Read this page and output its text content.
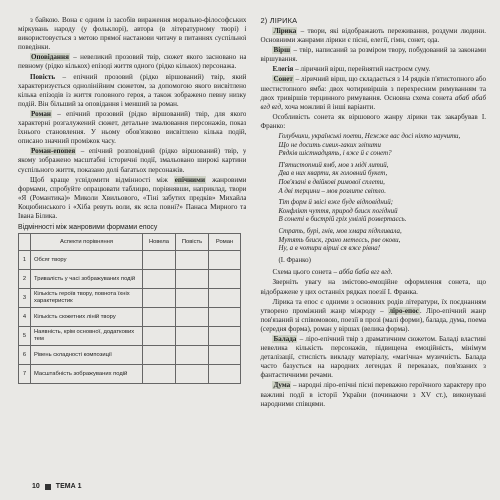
з байкою. Вона є одним із засобів вираження морально-філософських міркувань народу (у фольклорі), автора (в літературному творі) і використовується з метою прямої настанови читачу в питаннях суспільної поведінки.

Оповідання – невеликий прозовий твір, сюжет якого засновано на певному (рідко кількох) епізоді життя одного (рідко кількох) персонажа.

Повість – епічний прозовий (рідко віршований) твір, який характеризується однолінійним сюжетом, за допомогою якого висвітлено кілька епізодів із життя головного героя, а також зображено певну низку подій. Він більший за оповідання і менший за роман.

Роман – епічний прозовий (рідко віршований) твір, для якого характерні розгалужений сюжет, детальне змалювання персонажів, показ їхнього становлення. У ньому обов'язково висвітлено кілька подій, описано значний проміжок часу.

Роман-епопея – епічний розповідний (рідко віршований) твір, у якому зображено масштабні історичні події, змальовано широкі картини суспільного життя, показано долі багатьох персонажів.

Щоб краще усвідомити відмінності між епічними жанровими формами, спробуйте опрацювати таблицю, порівнявши, наприклад, твори «Я (Романтика)» Миколи Хвильового, «Тіні забутих предків» Михайла Коцюбинського і «Хіба ревуть воли, як ясла повні?» Панаса Мирного та Івана Білика.

Відмінності між жанровими формами епосу
	Аспекти порівняння	Новела	Повість	Роман
1	Обсяг твору			
2	Тривалість у часі зображуваних подій			
3	Кількість героїв твору, повнота їхніх характеристик			
4	Кількість сюжетних ліній твору			
5	Наявність, крім основної, додаткових тем			
6	Рівень складності композиції			
7	Масштабність зображуваних подій			
2) ЛІРИКА

Лірика – твори, які відображають переживання, роздуми людини. Основними жанрами лірики є пісні, елегії, гімн, сонет, ода.

Вірш – твір, написаний за розміром твору, побудований за законами віршування.

Елегія – ліричний вірш, перейнятий настроєм суму.

Сонет – ліричний вірш, що складається з 14 рядків п'ятистопного або шестистопного ямба: двох чотиривіршів з перехресним римуванням та двох тривіршів терцинного римування. Основна схема сонета абаб абаб вгд вгд, хоча можливі й інші варіанти.

Особливість сонета як віршового жанру лірики так закарбував І. Франко:

Голубчики, українські поети, Нежже вас досі ніхто научити,
Що не досить сивих-гаких зліпити
Рядків шістнадцять, і вже й є сонет?
П'ятистопний ямб, мов з міді литий,
Два в них кварти, як головний букет,
Пов'язані в двійкові римової сплети,
А дві терцини – мов розлите світло.
Тіт форм й звісі вже буде відповідний;
Конфлікт чуття, природ блиск погідний
В сонеті в бистрій гріх умілій розвертаєсь.
Страть, бурі, гнів, мов хмара підпливала,
Мутять блиск, грано метеєсь, рве окови,
Ну, а в чотири вірші ся вже рівна!
(І. Франко)

Схема цього сонета – абба баба вгг вгд.

Зверніть увагу на змістово-емоційне оформлення сонета, що відображене у цих останніх рядках поезії І. Франка.

Лірика та епос є одними з основних родів літератури, їх поєднанням утворено проміжний жанр міжроду – ліро-епос. Ліро-епічний жанр пов'язаний зі співомовою, поезії в прозі (малі форми), балада, дума, поема (середня форма), роман у віршах (велика форма).

Балада – ліро-епічний твір з драматичним сюжетом. Баладі властиві невелика кількість персонажів, підвищена емоційність, мінімум деталізації, стислість викладу матеріалу, «магічна» музичність. Балада часто базується на народних легендах й переказах, пов'язаних з фантастичними речами.

Дума – народні ліро-епічні пісні переважно героїчного характеру про важливі події в історії України (починаючи з XV ст.), виконувані народними співцями.

10 ТЕМА 1
